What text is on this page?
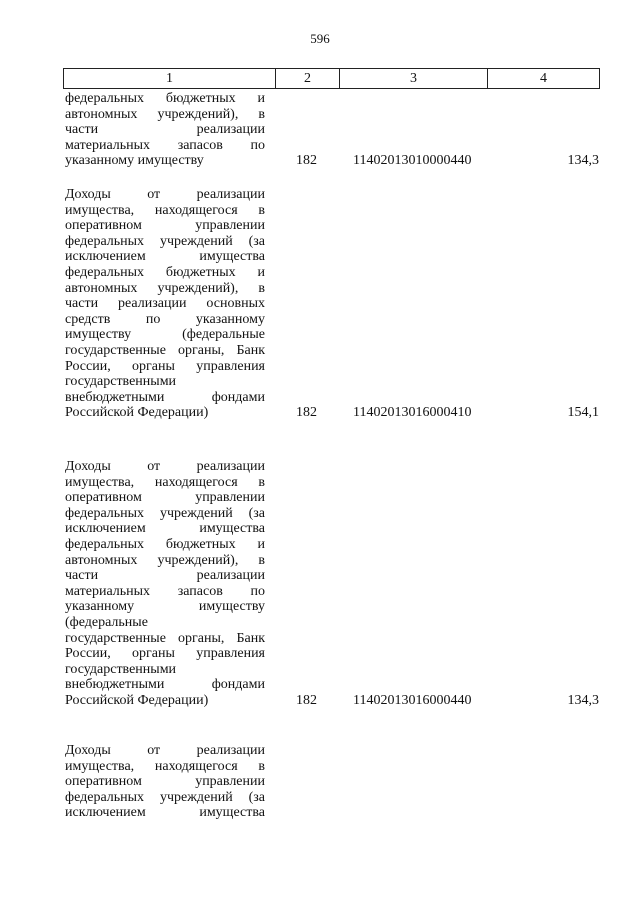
596
1	2	3	4
федеральных бюджетных и
автономных учреждений), в
части реализации
материальных запасов по
указанному имуществу	182	11402013010000440	134,3
Доходы от реализации
имущества, находящегося в
оперативном управлении
федеральных учреждений (за
исключением имущества
федеральных бюджетных и
автономных учреждений), в
части реализации основных
средств по указанному
имуществу (федеральные
государственные органы, Банк
России, органы управления
государственными
внебюджетными фондами
Российской Федерации)	182	11402013016000410	154,1
Доходы от реализации
имущества, находящегося в
оперативном управлении
федеральных учреждений (за
исключением имущества
федеральных бюджетных и
автономных учреждений), в
части реализации
материальных запасов по
указанному имуществу
(федеральные
государственные органы, Банк
России, органы управления
государственными
внебюджетными фондами
Российской Федерации)	182	11402013016000440	134,3
Доходы от реализации
имущества, находящегося в
оперативном управлении
федеральных учреждений (за
исключением имущества
